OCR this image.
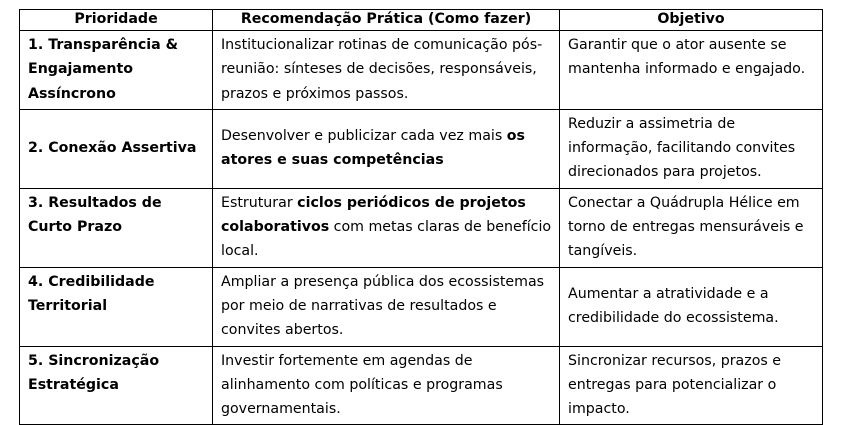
Prioridade	Recomendação Prática (Como fazer)	Objetivo
1. Transparência & Engajamento Assíncrono	Institucionalizar rotinas de comunicação pós-reunião: sínteses de decisões, responsáveis, prazos e próximos passos.	Garantir que o ator ausente se mantenha informado e engajado.
2. Conexão Assertiva	Desenvolver e publicizar cada vez mais os atores e suas competências	Reduzir a assimetria de informação, facilitando convites direcionados para projetos.
3. Resultados de Curto Prazo	Estruturar ciclos periódicos de projetos colaborativos com metas claras de benefício local.	Conectar a Quádrupla Hélice em torno de entregas mensuráveis e tangíveis.
4. Credibilidade Territorial	Ampliar a presença pública dos ecossistemas por meio de narrativas de resultados e convites abertos.	Aumentar a atratividade e a credibilidade do ecossistema.
5. Sincronização Estratégica	Investir fortemente em agendas de alinhamento com políticas e programas governamentais.	Sincronizar recursos, prazos e entregas para potencializar o impacto.
